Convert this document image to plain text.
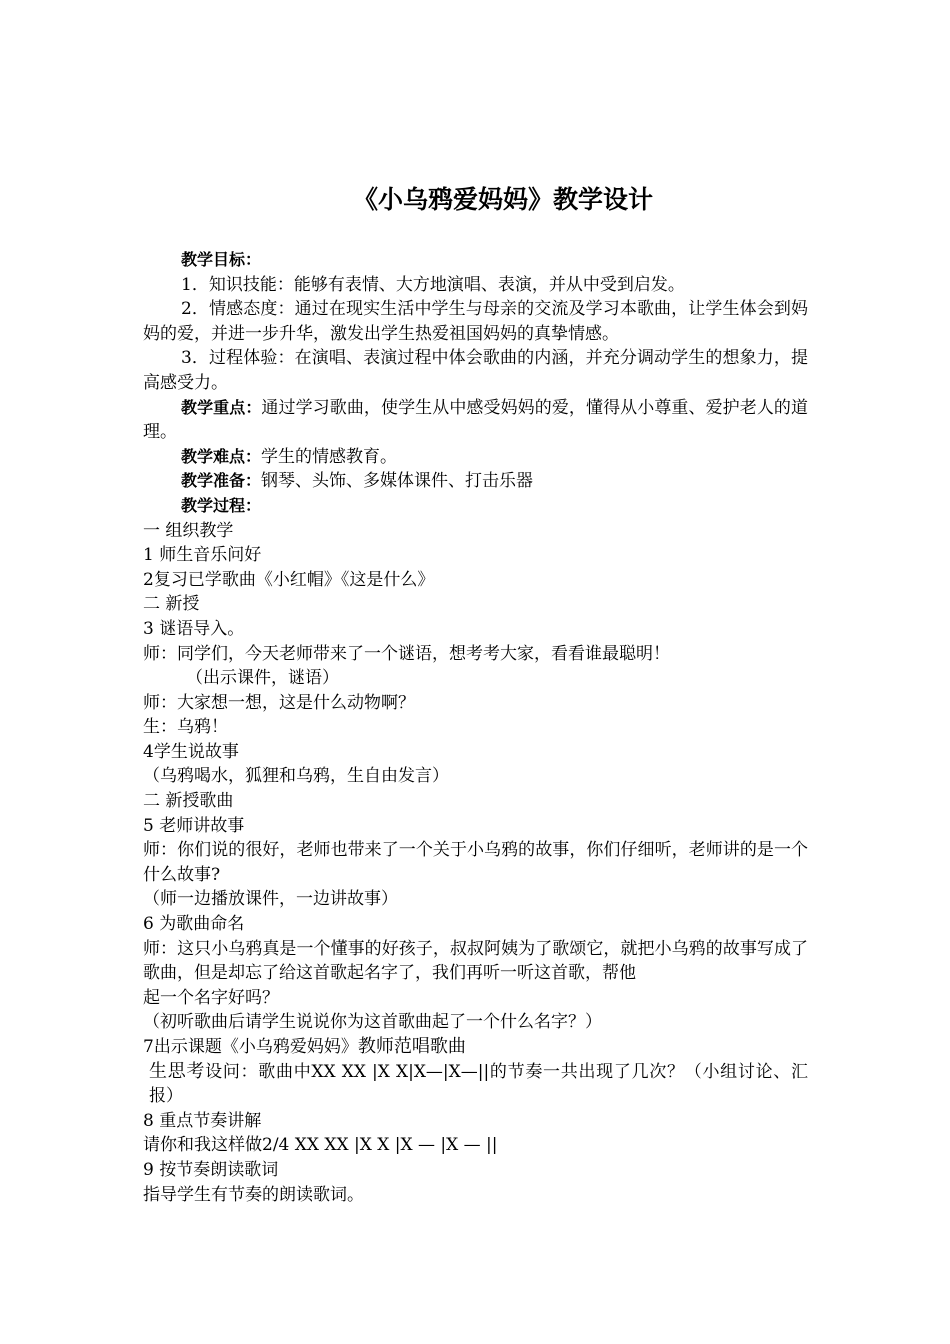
《小乌鸦爱妈妈》教学设计

教学目标：

1．知识技能：能够有表情、大方地演唱、表演，并从中受到启发。

2．情感态度：通过在现实生活中学生与母亲的交流及学习本歌曲，让学生体会到妈妈的爱，并进一步升华，激发出学生热爱祖国妈妈的真挚情感。

3．过程体验：在演唱、表演过程中体会歌曲的内涵，并充分调动学生的想象力，提高感受力。

教学重点：通过学习歌曲，使学生从中感受妈妈的爱，懂得从小尊重、爱护老人的道理。

教学难点：学生的情感教育。

教学准备：钢琴、头饰、多媒体课件、打击乐器

教学过程：

一 组织教学

1 师生音乐问好

2复习已学歌曲《小红帽》《这是什么》

二 新授

3 谜语导入。

师：同学们，今天老师带来了一个谜语，想考考大家，看看谁最聪明！

（出示课件，谜语）

师：大家想一想，这是什么动物啊？

生：乌鸦！

4学生说故事

（乌鸦喝水，狐狸和乌鸦，生自由发言）

二 新授歌曲

5 老师讲故事

师：你们说的很好，老师也带来了一个关于小乌鸦的故事，你们仔细听，老师讲的是一个什么故事?

（师一边播放课件，一边讲故事）

6 为歌曲命名

师：这只小乌鸦真是一个懂事的好孩子，叔叔阿姨为了歌颂它，就把小乌鸦的故事写成了歌曲，但是却忘了给这首歌起名字了，我们再听一听这首歌，帮他

起一个名字好吗？

（初听歌曲后请学生说说你为这首歌曲起了一个什么名字？）

7出示课题《小乌鸦爱妈妈》教师范唱歌曲

生思考设问：歌曲中XX XX |X X|X—|X—||的节奏一共出现了几次？（小组讨论、汇报）

8 重点节奏讲解

请你和我这样做2/4 XX XX |X X |X — |X — ||

9 按节奏朗读歌词

指导学生有节奏的朗读歌词。
